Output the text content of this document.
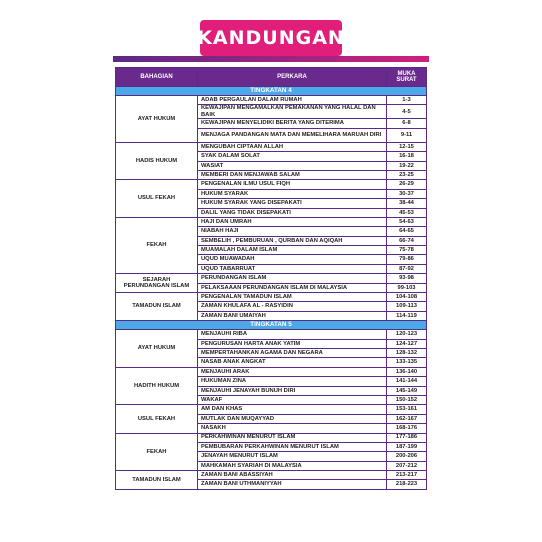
KANDUNGAN
BAHAGIAN	PERKARA	MUKA SURAT
TINGKATAN 4		
AYAT HUKUM	ADAB PERGAULAN DALAM RUMAH	1-3
	KEWAJIPAN MENGAMALKAN PEMAKANAN YANG HALAL DAN BAIK	4-5
	KEWAJIPAN MENYELIDIKI BERITA YANG DITERIMA	6-8
	MENJAGA PANDANGAN MATA DAN MEMELIHARA MARUAH DIRI	9-11
HADIS HUKUM	MENGUBAH CIPTAAN ALLAH	12-15
	SYAK DALAM SOLAT	16-18
	WASIAT	19-22
	MEMBERI DAN MENJAWAB SALAM	23-25
USUL FEKAH	PENGENALAN ILMU USUL FIQH	26-29
	HUKUM SYARAK	30-37
	HUKUM SYARAK YANG DISEPAKATI	38-44
	DALIL YANG TIDAK DISEPAKATI	45-53
FEKAH	HAJI DAN UMRAH	54-63
	NIABAH HAJI	64-65
	SEMBELIH , PEMBURUAN , QURBAN DAN AQIQAH	66-74
	MUAMALAH DALAM ISLAM	75-78
	UQUD MUAWADAH	79-86
	UQUD TABARRUAT	87-92
SEJARAH PERUNDANGAN ISLAM	PERUNDANGAN ISLAM	93-98
	PELAKSAAAN PERUNDANGAN ISLAM DI MALAYSIA	99-103
TAMADUN ISLAM	PENGENALAN TAMADUN ISLAM	104-108
	ZAMAN KHULAFA AL - RASYIDIN	109-113
	ZAMAN BANI UMAIYAH	114-119
TINGKATAN 5		
AYAT HUKUM	MENJAUHI RIBA	120-123
	PENGURUSAN HARTA ANAK YATIM	124-127
	MEMPERTAHANKAN AGAMA DAN NEGARA	128-132
	NASAB ANAK ANGKAT	133-135
HADITH HUKUM	MENJAUHI ARAK	136-140
	HUKUMAN ZINA	141-144
	MENJAUHI JENAYAH BUNUH DIRI	145-149
	WAKAF	150-152
USUL FEKAH	AM DAN KHAS	153-161
	MUTLAK DAN MUQAYYAD	162-167
	NASAKH	168-176
FEKAH	PERKAHWINAN MENURUT ISLAM	177-186
	PEMBUBARAN PERKAHWINAN MENURUT ISLAM	187-199
	JENAYAH MENURUT ISLAM	200-206
	MAHKAMAH SYARIAH DI MALAYSIA	207-212
TAMADUN ISLAM	ZAMAN BANI ABASSIYAH	213-217
	ZAMAN BANI UTHMANIYYAH	218-223
